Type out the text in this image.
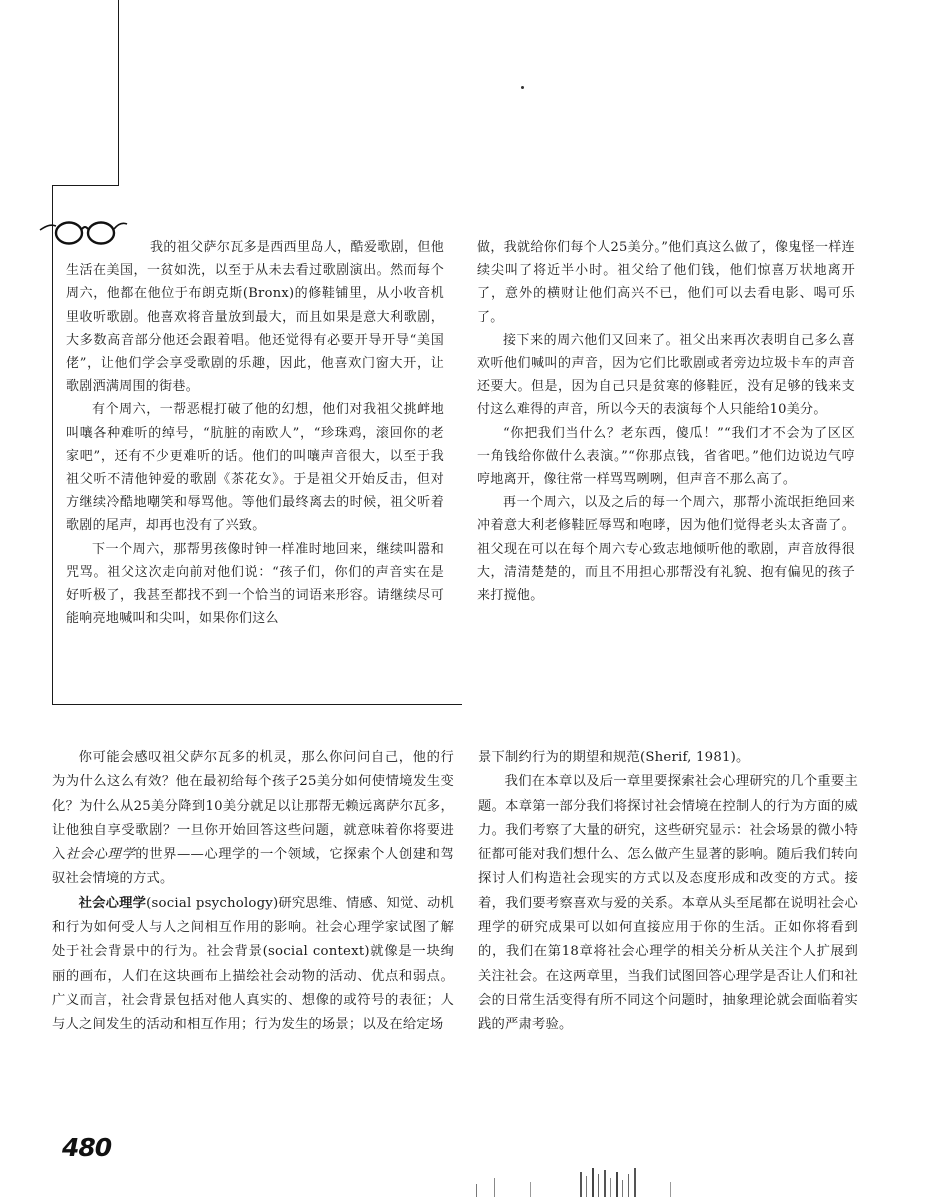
我的祖父萨尔瓦多是西西里岛人，酷爱歌剧，但他生活在美国，一贫如洗，以至于从未去看过歌剧演出。然而每个周六，他都在他位于布朗克斯(Bronx)的修鞋铺里，从小收音机里收听歌剧。他喜欢将音量放到最大，而且如果是意大利歌剧，大多数高音部分他还会跟着唱。他还觉得有必要开导开导“美国佬”，让他们学会享受歌剧的乐趣，因此，他喜欢门窗大开，让歌剧洒满周围的街巷。

有个周六，一帮恶棍打破了他的幻想，他们对我祖父挑衅地叫嚷各种难听的绰号，“肮脏的南欧人”，“珍珠鸡，滚回你的老家吧”，还有不少更难听的话。他们的叫嚷声音很大，以至于我祖父听不清他钟爱的歌剧《茶花女》。于是祖父开始反击，但对方继续冷酷地嘲笑和辱骂他。等他们最终离去的时候，祖父听着歌剧的尾声，却再也没有了兴致。

下一个周六，那帮男孩像时钟一样准时地回来，继续叫嚣和咒骂。祖父这次走向前对他们说：“孩子们，你们的声音实在是好听极了，我甚至都找不到一个恰当的词语来形容。请继续尽可能响亮地喊叫和尖叫，如果你们这么

做，我就给你们每个人25美分。”他们真这么做了，像鬼怪一样连续尖叫了将近半小时。祖父给了他们钱，他们惊喜万状地离开了，意外的横财让他们高兴不已，他们可以去看电影、喝可乐了。

接下来的周六他们又回来了。祖父出来再次表明自己多么喜欢听他们喊叫的声音，因为它们比歌剧或者旁边垃圾卡车的声音还要大。但是，因为自己只是贫寒的修鞋匠，没有足够的钱来支付这么难得的声音，所以今天的表演每个人只能给10美分。

“你把我们当什么？老东西，傻瓜！”“我们才不会为了区区一角钱给你做什么表演。”“你那点钱，省省吧。”他们边说边气哼哼地离开，像往常一样骂骂咧咧，但声音不那么高了。

再一个周六，以及之后的每一个周六，那帮小流氓拒绝回来冲着意大利老修鞋匠辱骂和咆哮，因为他们觉得老头太吝啬了。祖父现在可以在每个周六专心致志地倾听他的歌剧，声音放得很大，清清楚楚的，而且不用担心那帮没有礼貌、抱有偏见的孩子来打搅他。

你可能会感叹祖父萨尔瓦多的机灵，那么你问问自己，他的行为为什么这么有效？他在最初给每个孩子25美分如何使情境发生变化？为什么从25美分降到10美分就足以让那帮无赖远离萨尔瓦多，让他独自享受歌剧？一旦你开始回答这些问题，就意味着你将要进入社会心理学的世界——心理学的一个领域，它探索个人创建和驾驭社会情境的方式。

社会心理学(social psychology)研究思维、情感、知觉、动机和行为如何受人与人之间相互作用的影响。社会心理学家试图了解处于社会背景中的行为。社会背景(social context)就像是一块绚丽的画布，人们在这块画布上描绘社会动物的活动、优点和弱点。广义而言，社会背景包括对他人真实的、想像的或符号的表征；人与人之间发生的活动和相互作用；行为发生的场景；以及在给定场

景下制约行为的期望和规范(Sherif, 1981)。

我们在本章以及后一章里要探索社会心理研究的几个重要主题。本章第一部分我们将探讨社会情境在控制人的行为方面的威力。我们考察了大量的研究，这些研究显示：社会场景的微小特征都可能对我们想什么、怎么做产生显著的影响。随后我们转向探讨人们构造社会现实的方式以及态度形成和改变的方式。接着，我们要考察喜欢与爱的关系。本章从头至尾都在说明社会心理学的研究成果可以如何直接应用于你的生活。正如你将看到的，我们在第18章将社会心理学的相关分析从关注个人扩展到关注社会。在这两章里，当我们试图回答心理学是否让人们和社会的日常生活变得有所不同这个问题时，抽象理论就会面临着实践的严肃考验。

480
